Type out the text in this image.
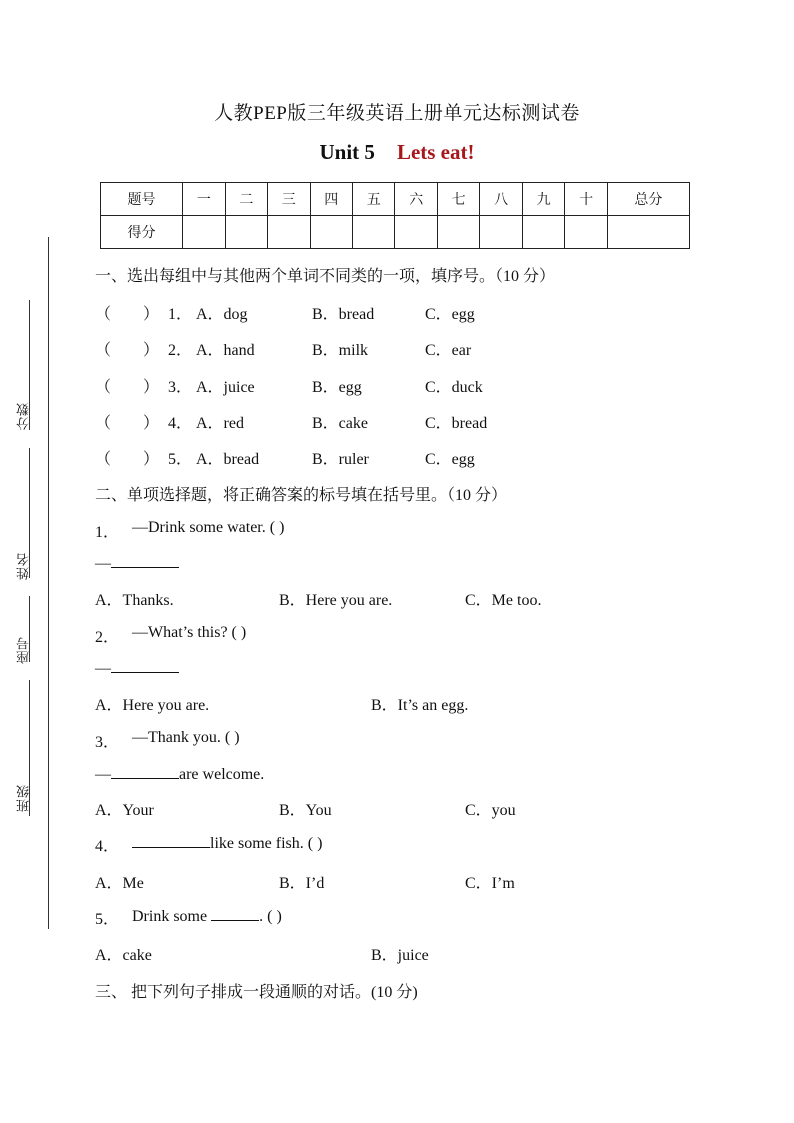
分数
姓名
座号
班级
人教PEP版三年级英语上册单元达标测试卷
Unit 5 Lets eat!
题号	一	二	三	四	五	六	七	八	九	十	总分
得分											
一、选出每组中与其他两个单词不同类的一项，填序号。（10 分）
（　　） 1． A．dog	B．bread	C．egg
（　　） 2． A．hand	B．milk	C．ear
（　　） 3． A．juice	B．egg	C．duck
（　　） 4． A．red	B．cake	C．bread
（　　） 5． A．bread	B．ruler	C．egg
二、单项选择题，将正确答案的标号填在括号里。（10 分）
1． —Drink some water. ( )
—
A．Thanks.	B．Here you are.	C．Me too.
2． —What’s this? ( )
—
A．Here you are.	B．It’s an egg.
3． —Thank you. ( )
—	are welcome.
A．Your	B．You	C．you
4．	like some fish. ( )
A．Me	B．I’d	C．I’m
5． Drink some	. ( )
A．cake	B．juice
三、 把下列句子排成一段通顺的对话。(10 分)
